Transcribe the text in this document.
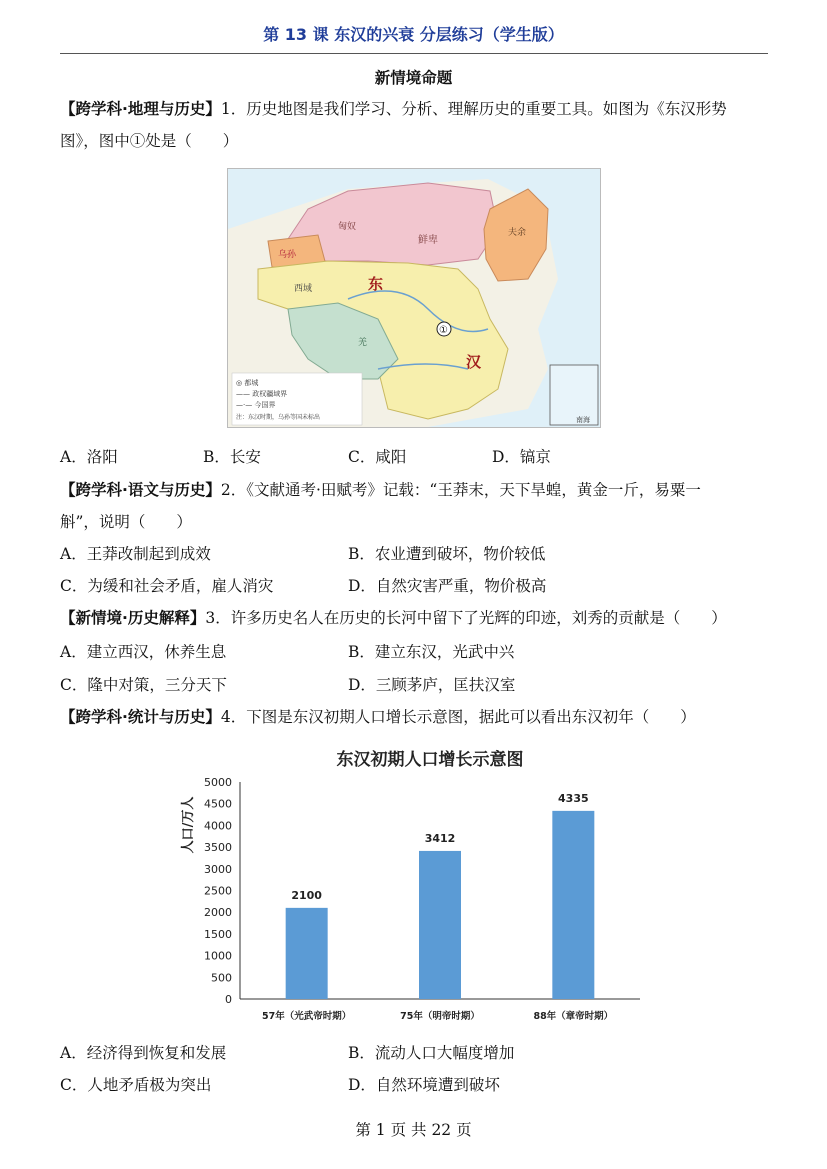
第 13 课 东汉的兴衰 分层练习（学生版）
新情境命题
【跨学科·地理与历史】1．历史地图是我们学习、分析、理解历史的重要工具。如图为《东汉形势
图》，图中①处是（　　）
乌孙
匈奴
鲜卑
夫余
西域	东
汉
羌
①
◎ 都城
—— 政权疆域界
—·— 今国界
注：东汉时期，乌孙等国未标出	南海
A．洛阳	B．长安	C．咸阳	D．镐京
【跨学科·语文与历史】2．《文献通考·田赋考》记载：“王莽末，天下旱蝗，黄金一斤，易粟一
斛”，说明（　　）
A．王莽改制起到成效	B．农业遭到破坏，物价较低
C．为缓和社会矛盾，雇人消灾	D．自然灾害严重，物价极高
【新情境·历史解释】3．许多历史名人在历史的长河中留下了光辉的印迹，刘秀的贡献是（　　）
A．建立西汉，休养生息	B．建立东汉，光武中兴
C．隆中对策，三分天下	D．三顾茅庐，匡扶汉室
【跨学科·统计与历史】4．下图是东汉初期人口增长示意图，据此可以看出东汉初年（　　）
东汉初期人口增长示意图
人口/万人
0
500
1000
1500
2000
2500
3000
3500
4000
4500
5000
2100
3412
4335
57年（光武帝时期）	75年（明帝时期）	88年（章帝时期）
A．经济得到恢复和发展	B．流动人口大幅度增加
C．人地矛盾极为突出	D．自然环境遭到破坏
第 1 页 共 22 页
